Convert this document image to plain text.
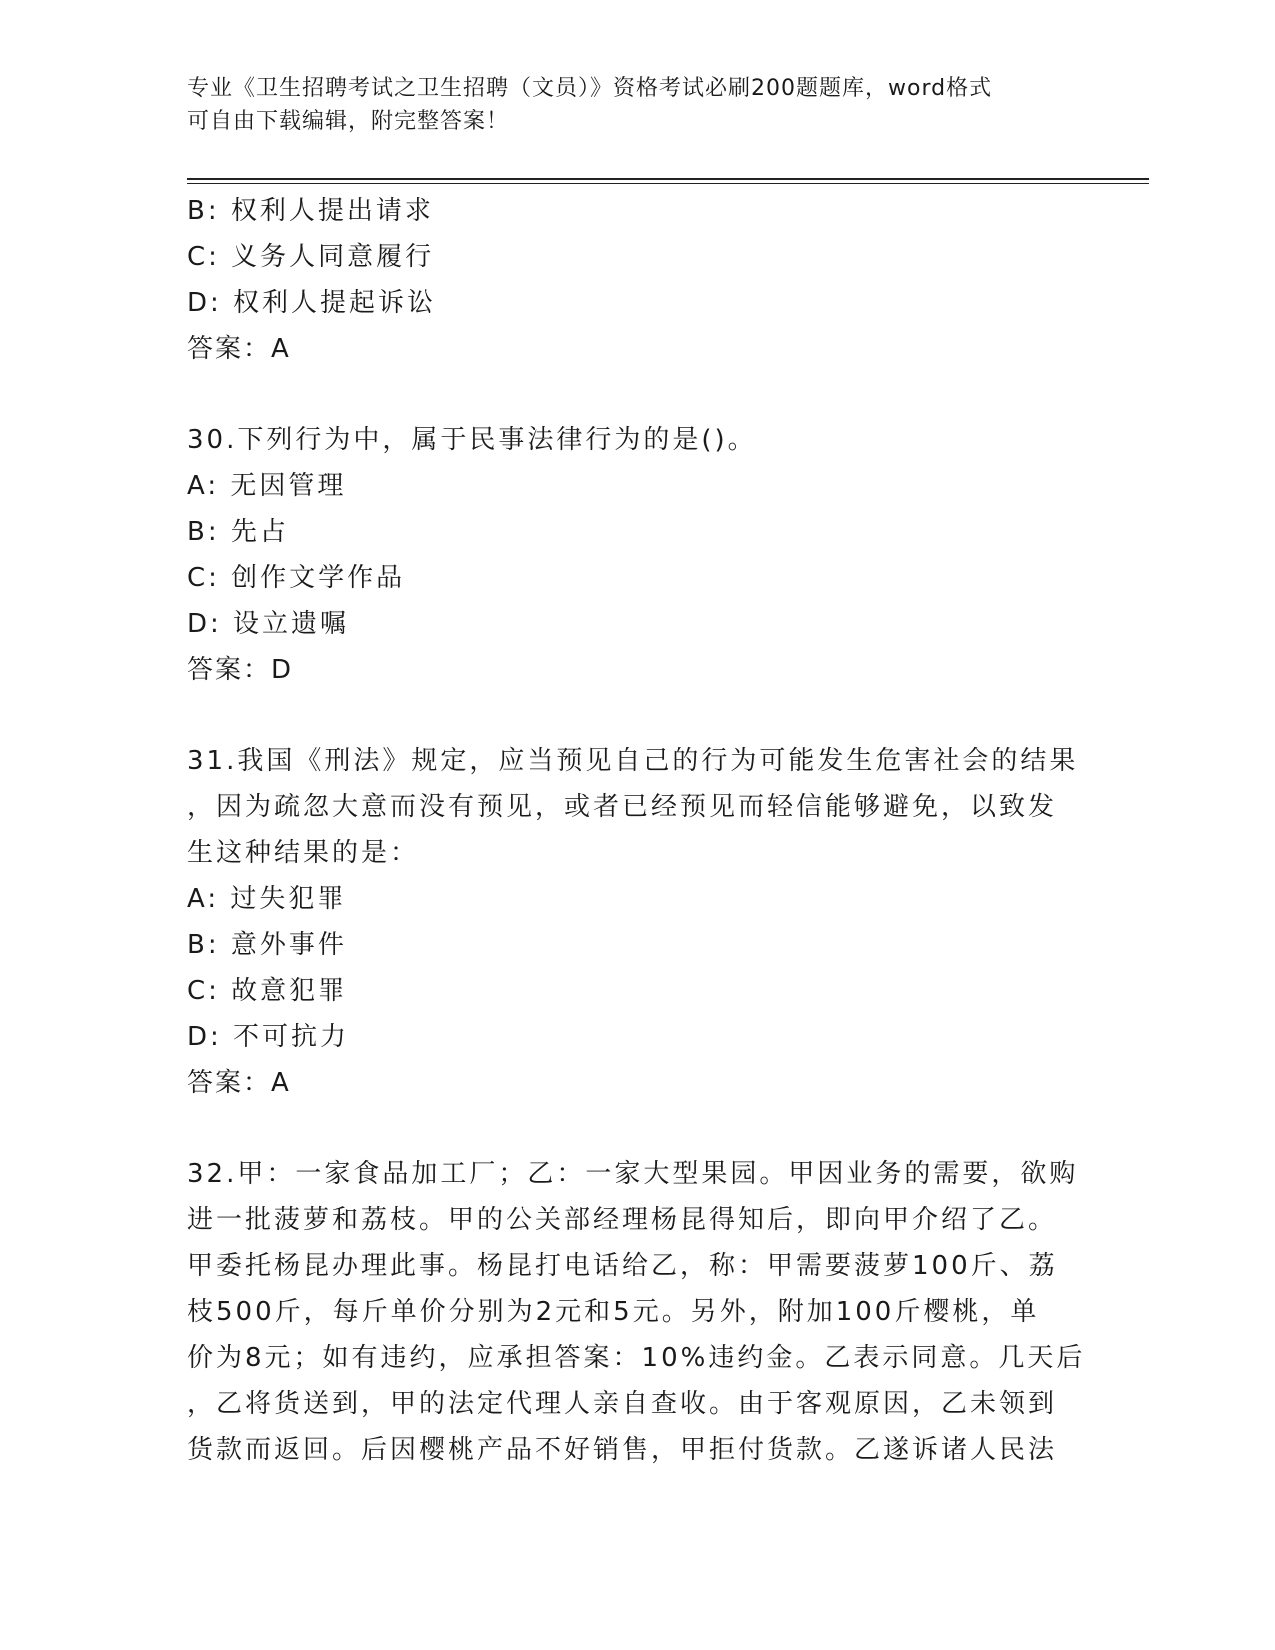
专业《卫生招聘考试之卫生招聘（文员）》资格考试必刷200题题库，word格式
可自由下载编辑，附完整答案！
B: 权利人提出请求
C: 义务人同意履行
D: 权利人提起诉讼
答案：A
30.下列行为中，属于民事法律行为的是()。
A: 无因管理
B: 先占
C: 创作文学作品
D: 设立遗嘱
答案：D
31.我国《刑法》规定，应当预见自己的行为可能发生危害社会的结果
，因为疏忽大意而没有预见，或者已经预见而轻信能够避免，以致发
生这种结果的是：
A: 过失犯罪
B: 意外事件
C: 故意犯罪
D: 不可抗力
答案：A
32.甲：一家食品加工厂；乙：一家大型果园。甲因业务的需要，欲购
进一批菠萝和荔枝。甲的公关部经理杨昆得知后，即向甲介绍了乙。
甲委托杨昆办理此事。杨昆打电话给乙，称：甲需要菠萝100斤、荔
枝500斤，每斤单价分别为2元和5元。另外，附加100斤樱桃，单
价为8元；如有违约，应承担答案：10%违约金。乙表示同意。几天后
，乙将货送到，甲的法定代理人亲自查收。由于客观原因，乙未领到
货款而返回。后因樱桃产品不好销售，甲拒付货款。乙遂诉诸人民法
